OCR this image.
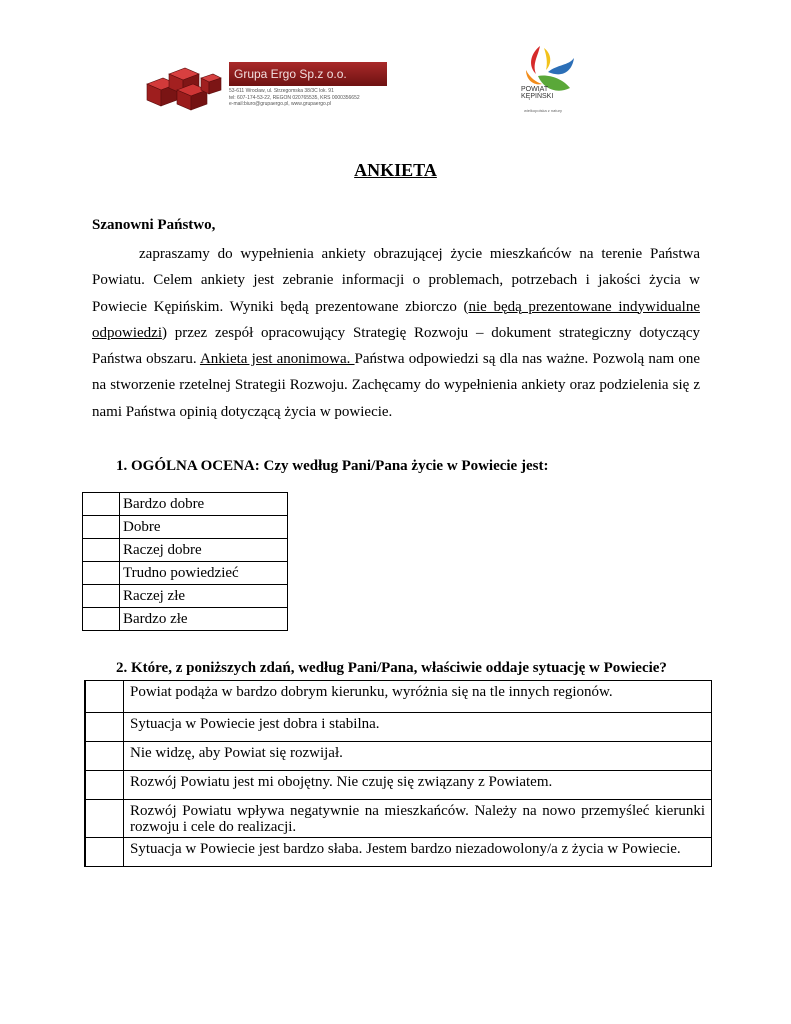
Grupa Ergo Sp.z o.o.
53-611 Wrocław, ul. Strzegomska 38/3C lok. 91
tel: 607-174-53-22, REGON 020765535, KRS 0000356652
e-mail:biuro@grupaergo.pl, www.grupaergo.pl
POWIAT
KĘPIŃSKI
wielkopolska z natury
ANKIETA
Szanowni Państwo,

zapraszamy do wypełnienia ankiety obrazującej życie mieszkańców na terenie Państwa Powiatu. Celem ankiety jest zebranie informacji o problemach, potrzebach i jakości życia w Powiecie Kępińskim. Wyniki będą prezentowane zbiorczo (nie będą prezentowane indywidualne odpowiedzi) przez zespół opracowujący Strategię Rozwoju – dokument strategiczny dotyczący Państwa obszaru. Ankieta jest anonimowa. Państwa odpowiedzi są dla nas ważne. Pozwolą nam one na stworzenie rzetelnej Strategii Rozwoju. Zachęcamy do wypełnienia ankiety oraz podzielenia się z nami Państwa opinią dotyczącą życia w powiecie.

1. OGÓLNA OCENA: Czy według Pani/Pana życie w Powiecie jest:
	Bardzo dobre
	Dobre
	Raczej dobre
	Trudno powiedzieć
	Raczej złe
	Bardzo złe
2. Które, z poniższych zdań, według Pani/Pana, właściwie oddaje sytuację w Powiecie?
	Powiat podąża w bardzo dobrym kierunku, wyróżnia się na tle innych regionów.
	Sytuacja w Powiecie jest dobra i stabilna.
	Nie widzę, aby Powiat się rozwijał.
	Rozwój Powiatu jest mi obojętny. Nie czuję się związany z Powiatem.
	Rozwój Powiatu wpływa negatywnie na mieszkańców. Należy na nowo przemyśleć kierunki rozwoju i cele do realizacji.
	Sytuacja w Powiecie jest bardzo słaba. Jestem bardzo niezadowolony/a z życia w Powiecie.
